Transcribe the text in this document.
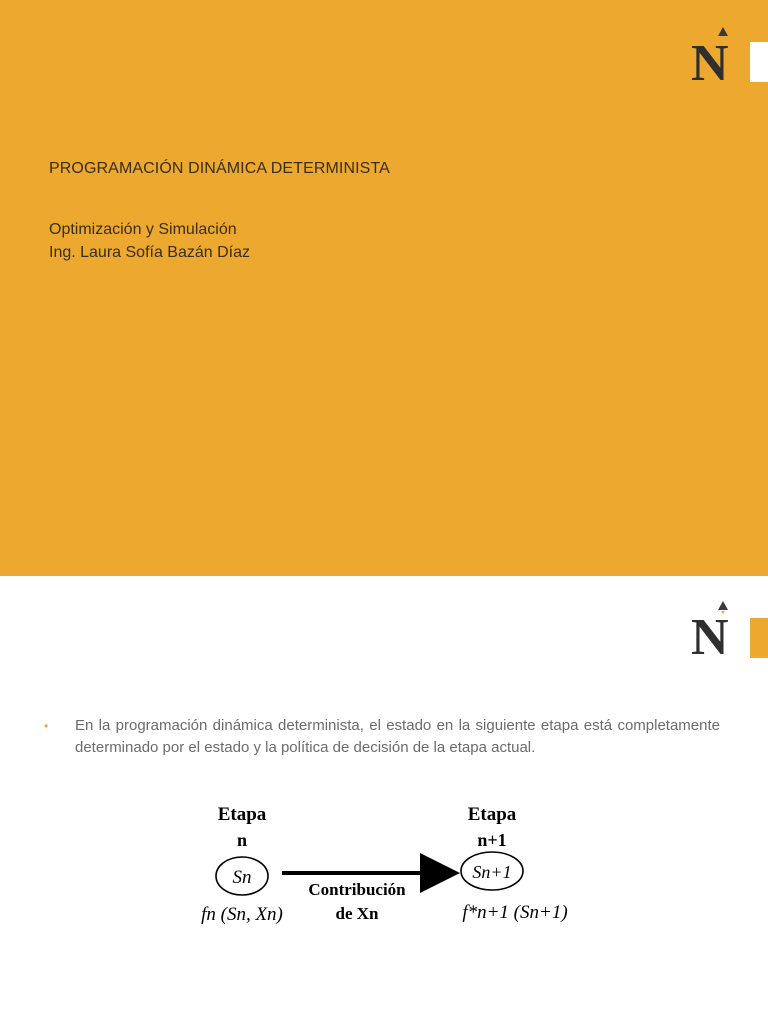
N
PROGRAMACIÓN DINÁMICA DETERMINISTA
Optimización y Simulación
Ing. Laura Sofía Bazán Díaz
N
• En la programación dinámica determinista, el estado en la siguiente etapa está completamente determinado por el estado y la política de decisión de la etapa actual.

Etapa
n
Sn
fn (Sn, Xn)
Contribución
de Xn
Etapa
n+1
Sn+1
f*n+1 (Sn+1)
